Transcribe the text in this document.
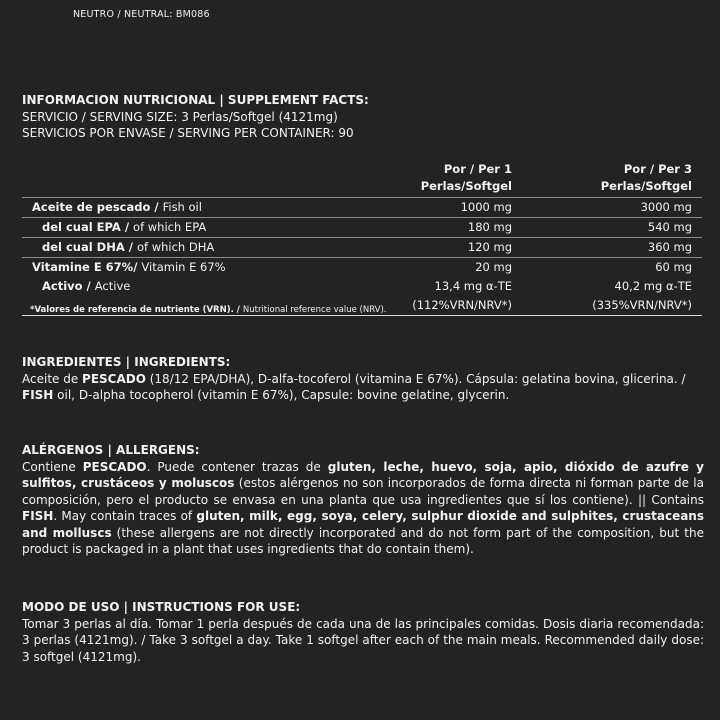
NEUTRO / NEUTRAL: BM086
INFORMACION NUTRICIONAL | SUPPLEMENT FACTS:
SERVICIO / SERVING SIZE: 3 Perlas/Softgel (4121mg)
SERVICIOS POR ENVASE / SERVING PER CONTAINER: 90
Por / Per 1
Perlas/Softgel
Por / Per 3
Perlas/Softgel
Aceite de pescado / Fish oil	1000 mg	3000 mg
del cual EPA / of which EPA	180 mg	540 mg
del cual DHA / of which DHA	120 mg	360 mg
Vitamine E 67%/ Vitamin E 67%	20 mg	60 mg
Activo / Active	13,4 mg α-TE	40,2 mg α-TE
(112%VRN/NRV*)	(335%VRN/NRV*)
*Valores de referencia de nutriente (VRN). / Nutritional reference value (NRV).
INGREDIENTES | INGREDIENTS:

Aceite de PESCADO (18/12 EPA/DHA), D-alfa-tocoferol (vitamina E 67%). Cápsula: gelatina bovina, glicerina. / FISH oil, D-alpha tocopherol (vitamin E 67%), Capsule: bovine gelatine, glycerin.

ALÉRGENOS | ALLERGENS:

Contiene PESCADO. Puede contener trazas de gluten, leche, huevo, soja, apio, dióxido de azufre y sulfitos, crustáceos y moluscos (estos alérgenos no son incorporados de forma directa ni forman parte de la composición, pero el producto se envasa en una planta que usa ingredientes que sí los contiene). || Contains FISH. May contain traces of gluten, milk, egg, soya, celery, sulphur dioxide and sulphites, crustaceans and molluscs (these allergens are not directly incorporated and do not form part of the composition, but the product is packaged in a plant that uses ingredients that do contain them).

MODO DE USO | INSTRUCTIONS FOR USE:

Tomar 3 perlas al día. Tomar 1 perla después de cada una de las principales comidas. Dosis diaria recomendada: 3 perlas (4121mg). / Take 3 softgel a day. Take 1 softgel after each of the main meals. Recommended daily dose: 3 softgel (4121mg).
